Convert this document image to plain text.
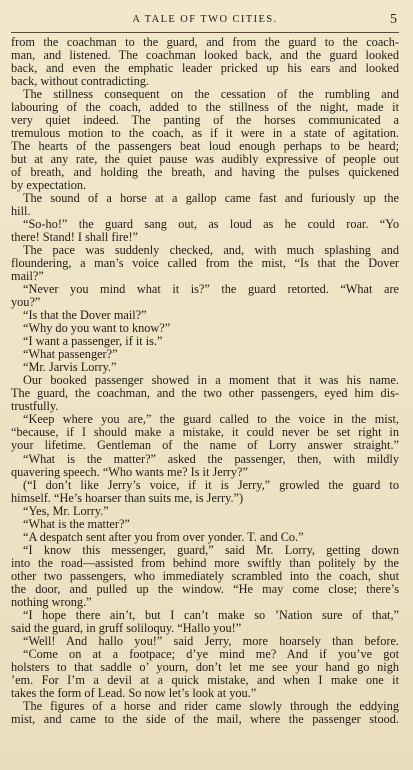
A TALE OF TWO CITIES.	5
from the coachman to the guard, and from the guard to the coach-
man, and listened. The coachman looked back, and the guard looked
back, and even the emphatic leader pricked up his ears and looked
back, without contradicting.
The stillness consequent on the cessation of the rumbling and
labouring of the coach, added to the stillness of the night, made it
very quiet indeed. The panting of the horses communicated a
tremulous motion to the coach, as if it were in a state of agitation.
The hearts of the passengers beat loud enough perhaps to be heard;
but at any rate, the quiet pause was audibly expressive of people out
of breath, and holding the breath, and having the pulses quickened
by expectation.
The sound of a horse at a gallop came fast and furiously up the
hill.
“So-ho!” the guard sang out, as loud as he could roar. “Yo
there! Stand! I shall fire!”
The pace was suddenly checked, and, with much splashing and
floundering, a man’s voice called from the mist, “Is that the Dover
mail?”
“Never you mind what it is?” the guard retorted. “What are
you?”
“Is that the Dover mail?”
“Why do you want to know?”
“I want a passenger, if it is.”
“What passenger?”
“Mr. Jarvis Lorry.”
Our booked passenger showed in a moment that it was his name.
The guard, the coachman, and the two other passengers, eyed him dis-
trustfully.
“Keep where you are,” the guard called to the voice in the mist,
“because, if I should make a mistake, it could never be set right in
your lifetime. Gentleman of the name of Lorry answer straight.”
“What is the matter?” asked the passenger, then, with mildly
quavering speech. “Who wants me? Is it Jerry?”
(“I don’t like Jerry’s voice, if it is Jerry,” growled the guard to
himself. “He’s hoarser than suits me, is Jerry.”)
“Yes, Mr. Lorry.”
“What is the matter?”
“A despatch sent after you from over yonder. T. and Co.”
“I know this messenger, guard,” said Mr. Lorry, getting down
into the road—assisted from behind more swiftly than politely by the
other two passengers, who immediately scrambled into the coach, shut
the door, and pulled up the window. “He may come close; there’s
nothing wrong.”
“I hope there ain’t, but I can’t make so ’Nation sure of that,”
said the guard, in gruff soliloquy. “Hallo you!”
“Well! And hallo you!” said Jerry, more hoarsely than before.
“Come on at a footpace; d’ye mind me? And if you’ve got
holsters to that saddle o’ yourn, don’t let me see your hand go nigh
’em. For I’m a devil at a quick mistake, and when I make one it
takes the form of Lead. So now let’s look at you.”
The figures of a horse and rider came slowly through the eddying
mist, and came to the side of the mail, where the passenger stood.
